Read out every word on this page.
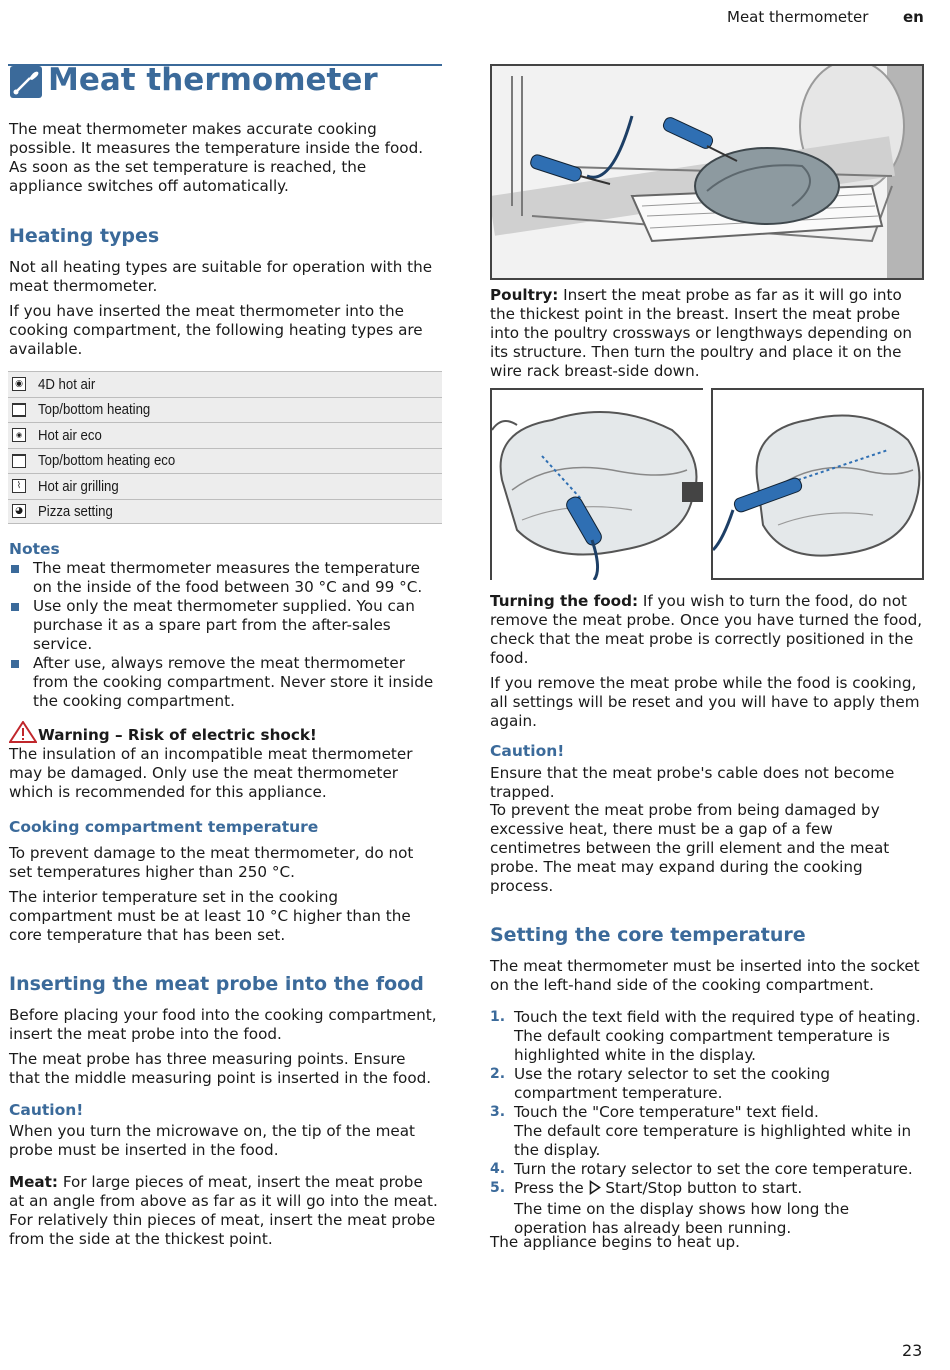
Meat thermometer en
Meat thermometer

The meat thermometer makes accurate cooking possible. It measures the temperature inside the food. As soon as the set temperature is reached, the appliance switches off automatically.

Heating types

Not all heating types are suitable for operation with the meat thermometer.

If you have inserted the meat thermometer into the cooking compartment, the following heating types are available.

◉ 4D hot air
Top/bottom heating
◉ Hot air eco
Top/bottom heating eco
⌇	Hot air grilling
◕ Pizza setting
Notes

The meat thermometer measures the temperature on the inside of the food between 30 °C and 99 °C.

Use only the meat thermometer supplied. You can purchase it as a spare part from the after-sales service.

After use, always remove the meat thermometer from the cooking compartment. Never store it inside the cooking compartment.

Warning – Risk of electric shock!

The insulation of an incompatible meat thermometer may be damaged. Only use the meat thermometer which is recommended for this appliance.

Cooking compartment temperature

To prevent damage to the meat thermometer, do not set temperatures higher than 250 °C.

The interior temperature set in the cooking compartment must be at least 10 °C higher than the core temperature that has been set.

Inserting the meat probe into the food

Before placing your food into the cooking compartment, insert the meat probe into the food.

The meat probe has three measuring points. Ensure that the middle measuring point is inserted in the food.

Caution!

When you turn the microwave on, the tip of the meat probe must be inserted in the food.

Meat: For large pieces of meat, insert the meat probe at an angle from above as far as it will go into the meat. For relatively thin pieces of meat, insert the meat probe from the side at the thickest point.

Poultry: Insert the meat probe as far as it will go into the thickest point in the breast. Insert the meat probe into the poultry crossways or lengthways depending on its structure. Then turn the poultry and place it on the wire rack breast-side down.

Turning the food: If you wish to turn the food, do not remove the meat probe. Once you have turned the food, check that the meat probe is correctly positioned in the food.

If you remove the meat probe while the food is cooking, all settings will be reset and you will have to apply them again.

Caution!

Ensure that the meat probe's cable does not become trapped.

To prevent the meat probe from being damaged by excessive heat, there must be a gap of a few centimetres between the grill element and the meat probe. The meat may expand during the cooking process.

Setting the core temperature

The meat thermometer must be inserted into the socket on the left-hand side of the cooking compartment.

1. Touch the text field with the required type of heating.
The default cooking compartment temperature is highlighted white in the display.
2. Use the rotary selector to set the cooking compartment temperature.
3. Touch the "Core temperature" text field.
The default core temperature is highlighted white in the display.
4. Turn the rotary selector to set the core temperature.
5. Press the  Start/Stop button to start.
The time on the display shows how long the operation has already been running.

The appliance begins to heat up.

23
